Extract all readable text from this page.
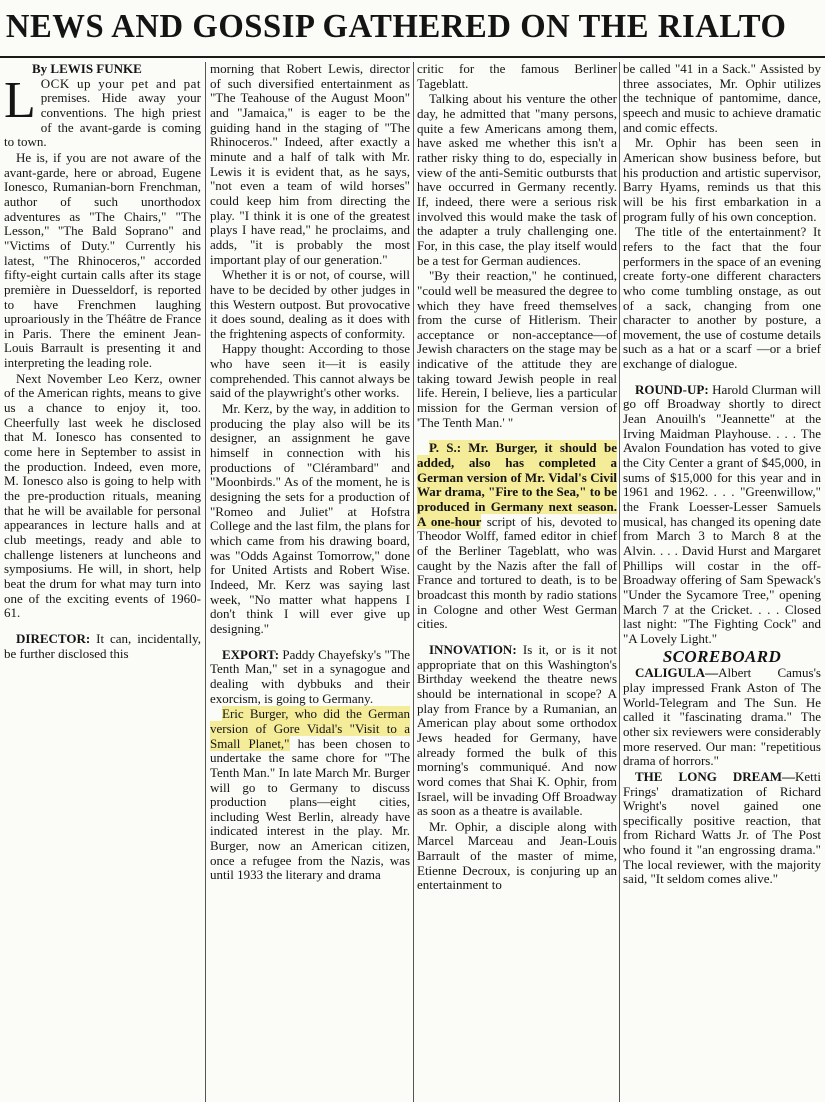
NEWS AND GOSSIP GATHERED ON THE RIALTO

By LEWIS FUNKE

LOCK up your pet and pat premises. Hide away your conventions. The high priest of the avant-garde is coming to town.

He is, if you are not aware of the avant-garde, here or abroad, Eugene Ionesco, Rumanian-born Frenchman, author of such unorthodox adventures as "The Chairs," "The Lesson," "The Bald Soprano" and "Victims of Duty." Currently his latest, "The Rhinoceros," accorded fifty-eight curtain calls after its stage première in Duesseldorf, is reported to have Frenchmen laughing uproariously in the Théâtre de France in Paris. There the eminent Jean-Louis Barrault is presenting it and interpreting the leading role.

Next November Leo Kerz, owner of the American rights, means to give us a chance to enjoy it, too. Cheerfully last week he disclosed that M. Ionesco has consented to come here in September to assist in the production. Indeed, even more, M. Ionesco also is going to help with the pre-production rituals, meaning that he will be available for personal appearances in lecture halls and at club meetings, ready and able to challenge listeners at luncheons and symposiums. He will, in short, help beat the drum for what may turn into one of the exciting events of 1960-61.

DIRECTOR: It can, incidentally, be further disclosed this

morning that Robert Lewis, director of such diversified entertainment as "The Teahouse of the August Moon" and "Jamaica," is eager to be the guiding hand in the staging of "The Rhinoceros." Indeed, after exactly a minute and a half of talk with Mr. Lewis it is evident that, as he says, "not even a team of wild horses" could keep him from directing the play. "I think it is one of the greatest plays I have read," he proclaims, and adds, "it is probably the most important play of our generation."

Whether it is or not, of course, will have to be decided by other judges in this Western outpost. But provocative it does sound, dealing as it does with the frightening aspects of conformity.

Happy thought: According to those who have seen it—it is easily comprehended. This cannot always be said of the playwright's other works.

Mr. Kerz, by the way, in addition to producing the play also will be its designer, an assignment he gave himself in connection with his productions of "Clérambard" and "Moonbirds." As of the moment, he is designing the sets for a production of "Romeo and Juliet" at Hofstra College and the last film, the plans for which came from his drawing board, was "Odds Against Tomorrow," done for United Artists and Robert Wise. Indeed, Mr. Kerz was saying last week, "No matter what happens I don't think I will ever give up designing."

EXPORT: Paddy Chayefsky's "The Tenth Man," set in a synagogue and dealing with dybbuks and their exorcism, is going to Germany.

Eric Burger, who did the German version of Gore Vidal's "Visit to a Small Planet," has been chosen to undertake the same chore for "The Tenth Man." In late March Mr. Burger will go to Germany to discuss production plans—eight cities, including West Berlin, already have indicated interest in the play. Mr. Burger, now an American citizen, once a refugee from the Nazis, was until 1933 the literary and drama

critic for the famous Berliner Tageblatt.

Talking about his venture the other day, he admitted that "many persons, quite a few Americans among them, have asked me whether this isn't a rather risky thing to do, especially in view of the anti-Semitic outbursts that have occurred in Germany recently. If, indeed, there were a serious risk involved this would make the task of the adapter a truly challenging one. For, in this case, the play itself would be a test for German audiences.

"By their reaction," he continued, "could well be measured the degree to which they have freed themselves from the curse of Hitlerism. Their acceptance or non-acceptance—of Jewish characters on the stage may be indicative of the attitude they are taking toward Jewish people in real life. Herein, I believe, lies a particular mission for the German version of 'The Tenth Man.' "

P. S.: Mr. Burger, it should be added, also has completed a German version of Mr. Vidal's Civil War drama, "Fire to the Sea," to be produced in Germany next season. A one-hour script of his, devoted to Theodor Wolff, famed editor in chief of the Berliner Tageblatt, who was caught by the Nazis after the fall of France and tortured to death, is to be broadcast this month by radio stations in Cologne and other West German cities.

INNOVATION: Is it, or is it not appropriate that on this Washington's Birthday weekend the theatre news should be international in scope? A play from France by a Rumanian, an American play about some orthodox Jews headed for Germany, have already formed the bulk of this morning's communiqué. And now word comes that Shai K. Ophir, from Israel, will be invading Off Broadway as soon as a theatre is available.

Mr. Ophir, a disciple along with Marcel Marceau and Jean-Louis Barrault of the master of mime, Etienne Decroux, is conjuring up an entertainment to

be called "41 in a Sack." Assisted by three associates, Mr. Ophir utilizes the technique of pantomime, dance, speech and music to achieve dramatic and comic effects.

Mr. Ophir has been seen in American show business before, but his production and artistic supervisor, Barry Hyams, reminds us that this will be his first embarkation in a program fully of his own conception.

The title of the entertainment? It refers to the fact that the four performers in the space of an evening create forty-one different characters who come tumbling onstage, as out of a sack, changing from one character to another by posture, a movement, the use of costume details such as a hat or a scarf —or a brief exchange of dialogue.

ROUND-UP: Harold Clurman will go off Broadway shortly to direct Jean Anouilh's "Jeannette" at the Irving Maidman Playhouse. . . . The Avalon Foundation has voted to give the City Center a grant of $45,000, in sums of $15,000 for this year and in 1961 and 1962. . . . "Greenwillow," the Frank Loesser-Lesser Samuels musical, has changed its opening date from March 3 to March 8 at the Alvin. . . . David Hurst and Margaret Phillips will costar in the off-Broadway offering of Sam Spewack's "Under the Sycamore Tree," opening March 7 at the Cricket. . . . Closed last night: "The Fighting Cock" and "A Lovely Light."

SCOREBOARD

CALIGULA—Albert Camus's play impressed Frank Aston of The World-Telegram and The Sun. He called it "fascinating drama." The other six reviewers were considerably more reserved. Our man: "repetitious drama of horrors."

THE LONG DREAM—Ketti Frings' dramatization of Richard Wright's novel gained one specifically positive reaction, that from Richard Watts Jr. of The Post who found it "an engrossing drama." The local reviewer, with the majority said, "It seldom comes alive."
